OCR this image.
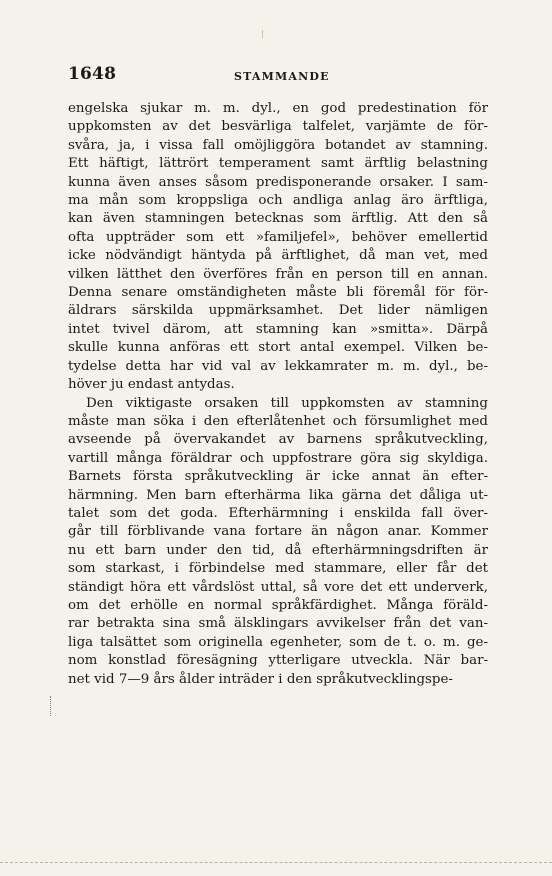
1648	STAMMANDE
engelska sjukar m. m. dyl., en god predestination för
uppkomsten av det besvärliga talfelet, varjämte de för-
svåra, ja, i vissa fall omöjliggöra botandet av stamning.
Ett häftigt, lättrört temperament samt ärftlig belastning
kunna även anses såsom predisponerande orsaker. I sam-
ma mån som kroppsliga och andliga anlag äro ärftliga,
kan även stamningen betecknas som ärftlig. Att den så
ofta uppträder som ett »familjefel», behöver emellertid
icke nödvändigt häntyda på ärftlighet, då man vet, med
vilken lätthet den överföres från en person till en annan.
Denna senare omständigheten måste bli föremål för för-
äldrars särskilda uppmärksamhet. Det lider nämligen
intet tvivel därom, att stamning kan »smitta». Därpå
skulle kunna anföras ett stort antal exempel. Vilken be-
tydelse detta har vid val av lekkamrater m. m. dyl., be-
höver ju endast antydas.
Den viktigaste orsaken till uppkomsten av stamning
måste man söka i den efterlåtenhet och försumlighet med
avseende på övervakandet av barnens språkutveckling,
vartill många föräldrar och uppfostrare göra sig skyldiga.
Barnets första språkutveckling är icke annat än efter-
härmning. Men barn efterhärma lika gärna det dåliga ut-
talet som det goda. Efterhärmning i enskilda fall över-
går till förblivande vana fortare än någon anar. Kommer
nu ett barn under den tid, då efterhärmningsdriften är
som starkast, i förbindelse med stammare, eller får det
ständigt höra ett vårdslöst uttal, så vore det ett underverk,
om det erhölle en normal språkfärdighet. Många föräld-
rar betrakta sina små älsklingars avvikelser från det van-
liga talsättet som originella egenheter, som de t. o. m. ge-
nom konstlad föresägning ytterligare utveckla. När bar-
net vid 7—9 års ålder inträder i den språkutvecklingspe-
